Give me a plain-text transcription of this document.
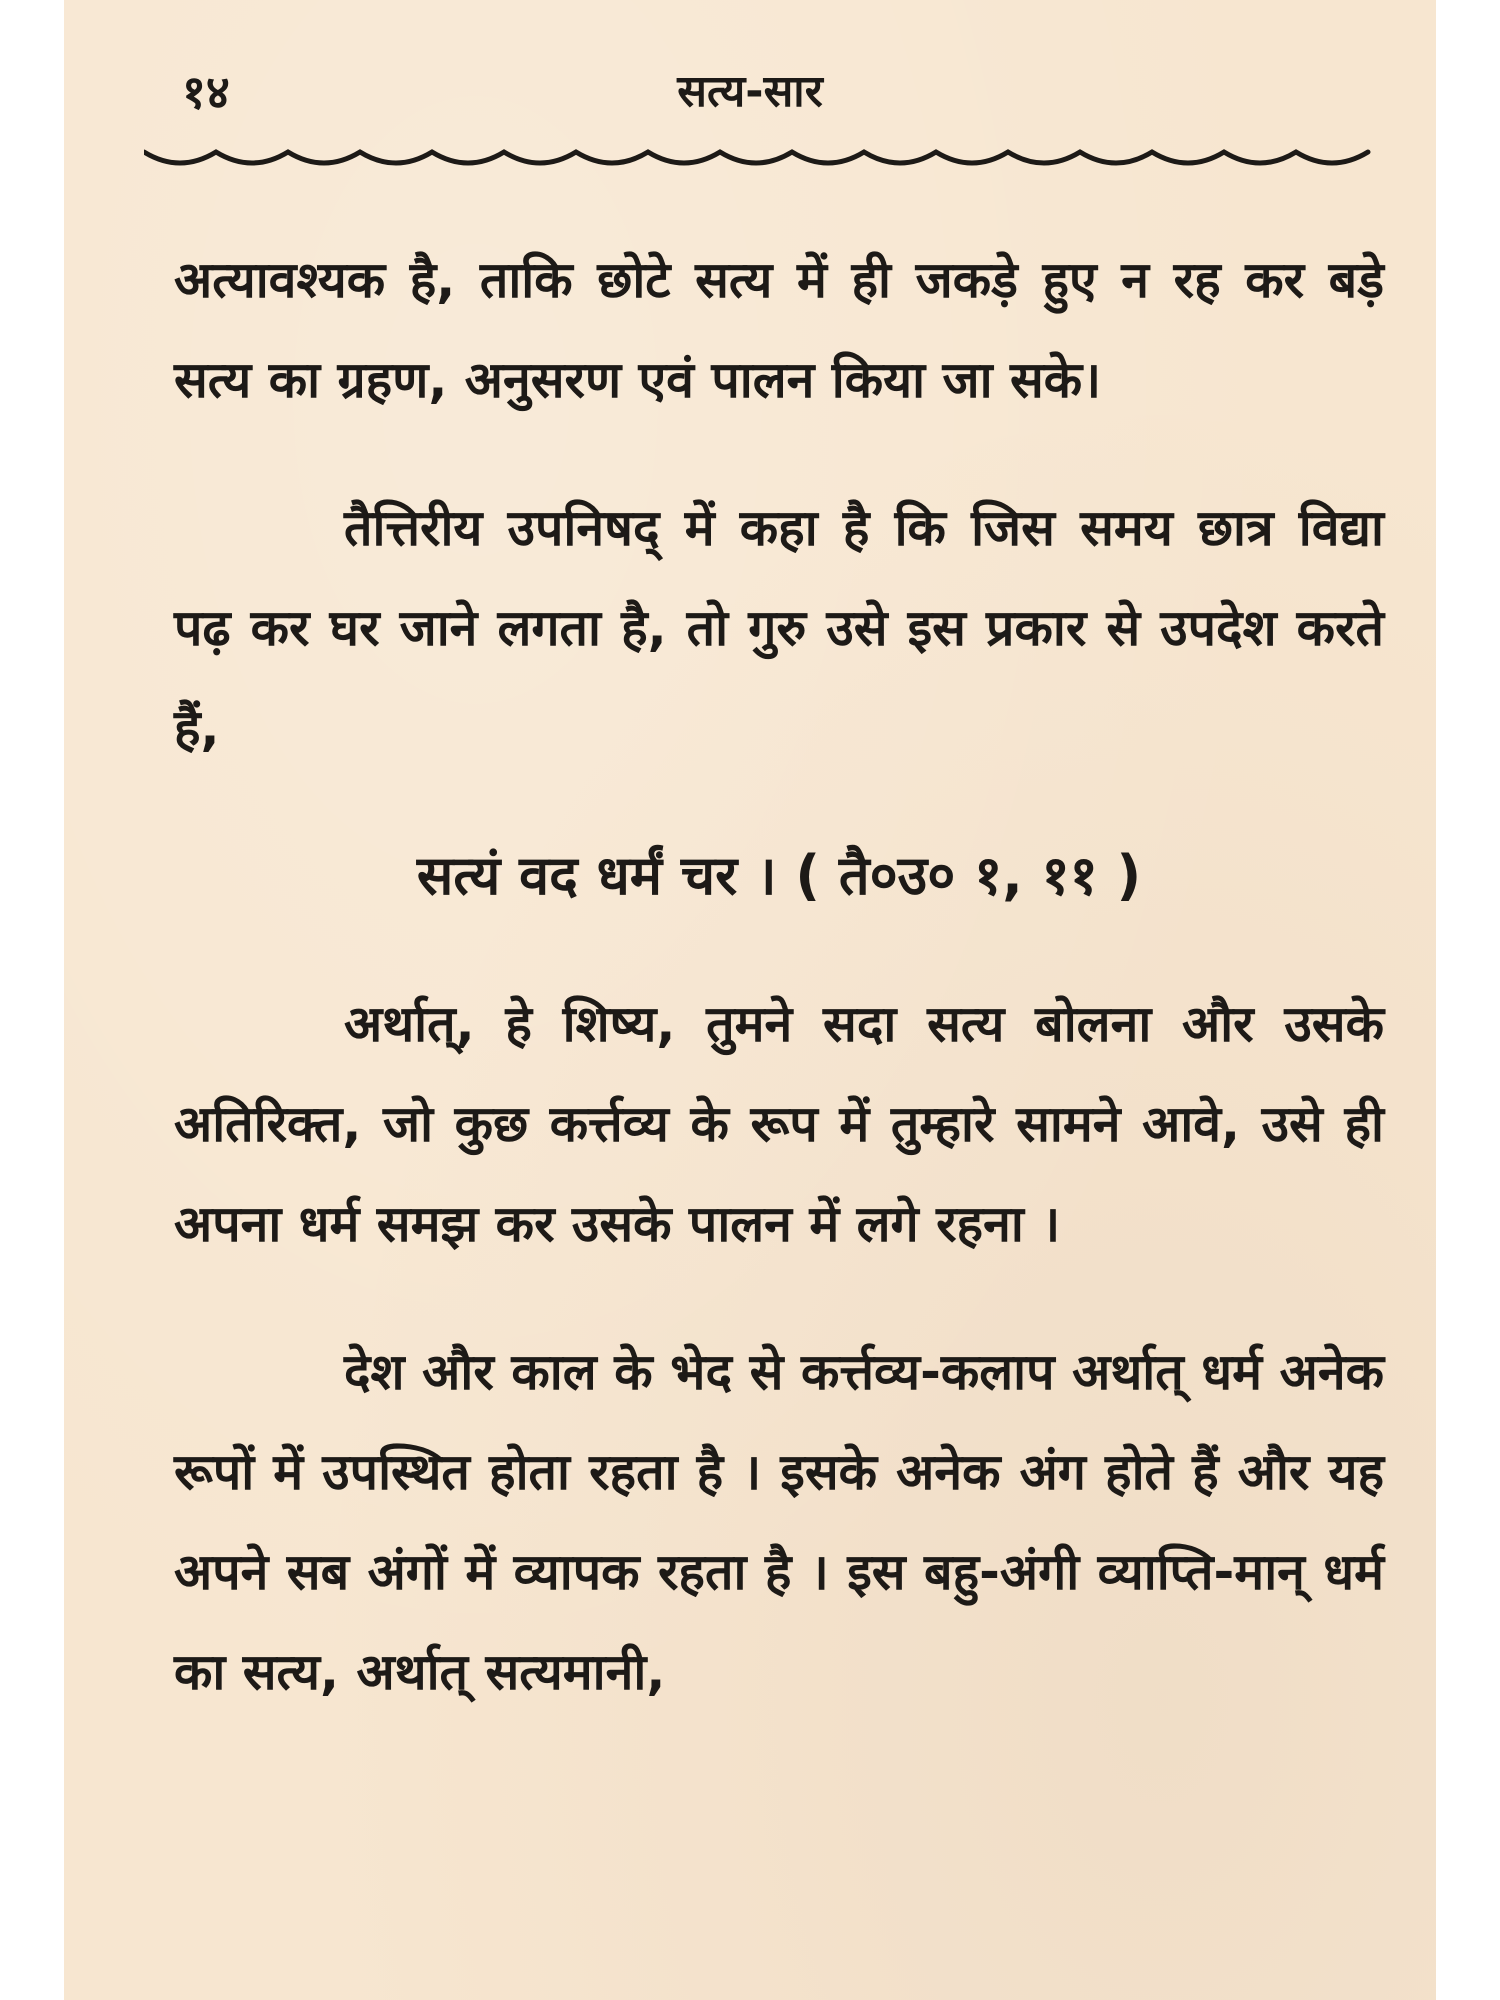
१४	सत्य-सार

अत्यावश्यक है, ताकि छोटे सत्य में ही जकड़े हुए न रह कर बड़े सत्य का ग्रहण, अनुसरण एवं पालन किया जा सके।

तैत्तिरीय उपनिषद् में कहा है कि जिस समय छात्र विद्या पढ़ कर घर जाने लगता है, तो गुरु उसे इस प्रकार से उपदेश करते हैं,

सत्यं वद धर्मं चर । ( तै०उ० १, ११ )

अर्थात्, हे शिष्य, तुमने सदा सत्य बोलना और उसके अतिरिक्त, जो कुछ कर्त्तव्य के रूप में तुम्हारे सामने आवे, उसे ही अपना धर्म समझ कर उसके पालन में लगे रहना ।

देश और काल के भेद से कर्त्तव्य-कलाप अर्थात् धर्म अनेक रूपों में उपस्थित होता रहता है । इसके अनेक अंग होते हैं और यह अपने सब अंगों में व्यापक रहता है । इस बहु-अंगी व्याप्ति-मान् धर्म का सत्य, अर्थात् सत्यमानी,
